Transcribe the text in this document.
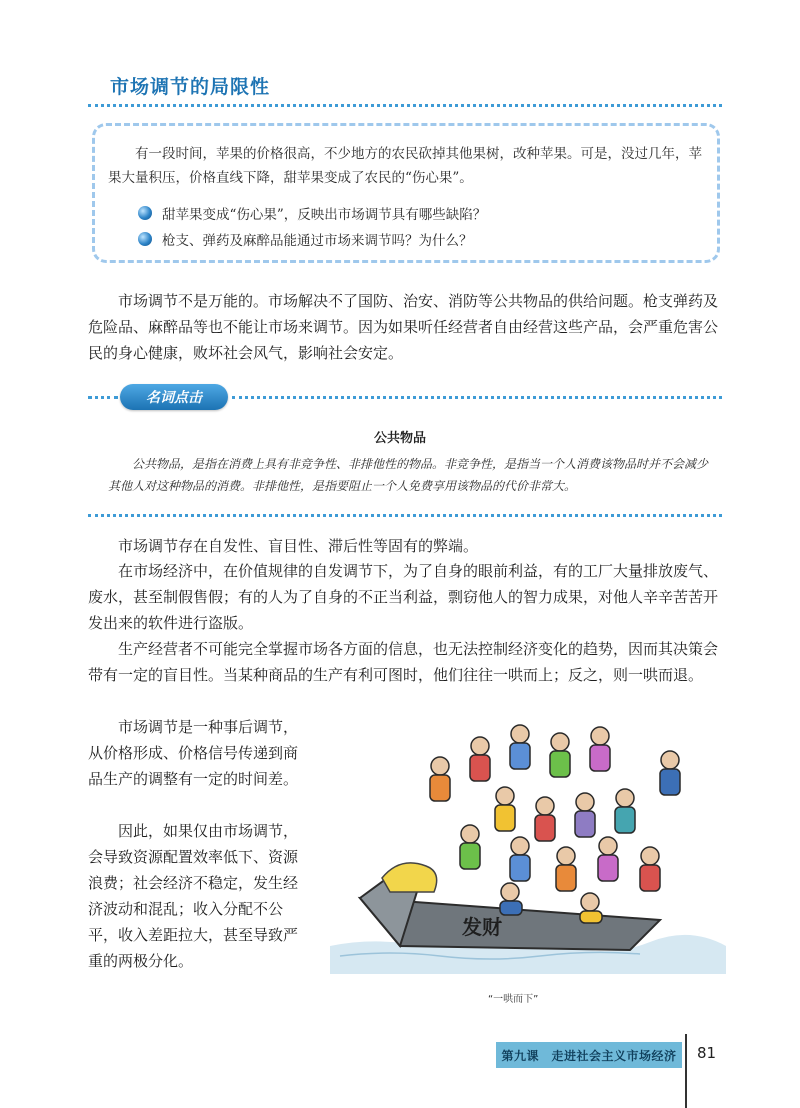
市场调节的局限性
有一段时间，苹果的价格很高，不少地方的农民砍掉其他果树，改种苹果。可是，没过几年，苹果大量积压，价格直线下降，甜苹果变成了农民的“伤心果”。
甜苹果变成“伤心果”，反映出市场调节具有哪些缺陷？
枪支、弹药及麻醉品能通过市场来调节吗？为什么？
市场调节不是万能的。市场解决不了国防、治安、消防等公共物品的供给问题。枪支弹药及危险品、麻醉品等也不能让市场来调节。因为如果听任经营者自由经营这些产品，会严重危害公民的身心健康，败坏社会风气，影响社会安定。
名词点击
公共物品
公共物品，是指在消费上具有非竞争性、非排他性的物品。非竞争性，是指当一个人消费该物品时并不会减少其他人对这种物品的消费。非排他性，是指要阻止一个人免费享用该物品的代价非常大。
市场调节存在自发性、盲目性、滞后性等固有的弊端。
在市场经济中，在价值规律的自发调节下，为了自身的眼前利益，有的工厂大量排放废气、废水，甚至制假售假；有的人为了自身的不正当利益，剽窃他人的智力成果，对他人辛辛苦苦开发出来的软件进行盗版。
生产经营者不可能完全掌握市场各方面的信息，也无法控制经济变化的趋势，因而其决策会带有一定的盲目性。当某种商品的生产有利可图时，他们往往一哄而上；反之，则一哄而退。
市场调节是一种事后调节，从价格形成、价格信号传递到商品生产的调整有一定的时间差。
因此，如果仅由市场调节，会导致资源配置效率低下、资源浪费；社会经济不稳定，发生经济波动和混乱；收入分配不公平，收入差距拉大，甚至导致严重的两极分化。
发财
“一哄而下”
第九课　走进社会主义市场经济	81
